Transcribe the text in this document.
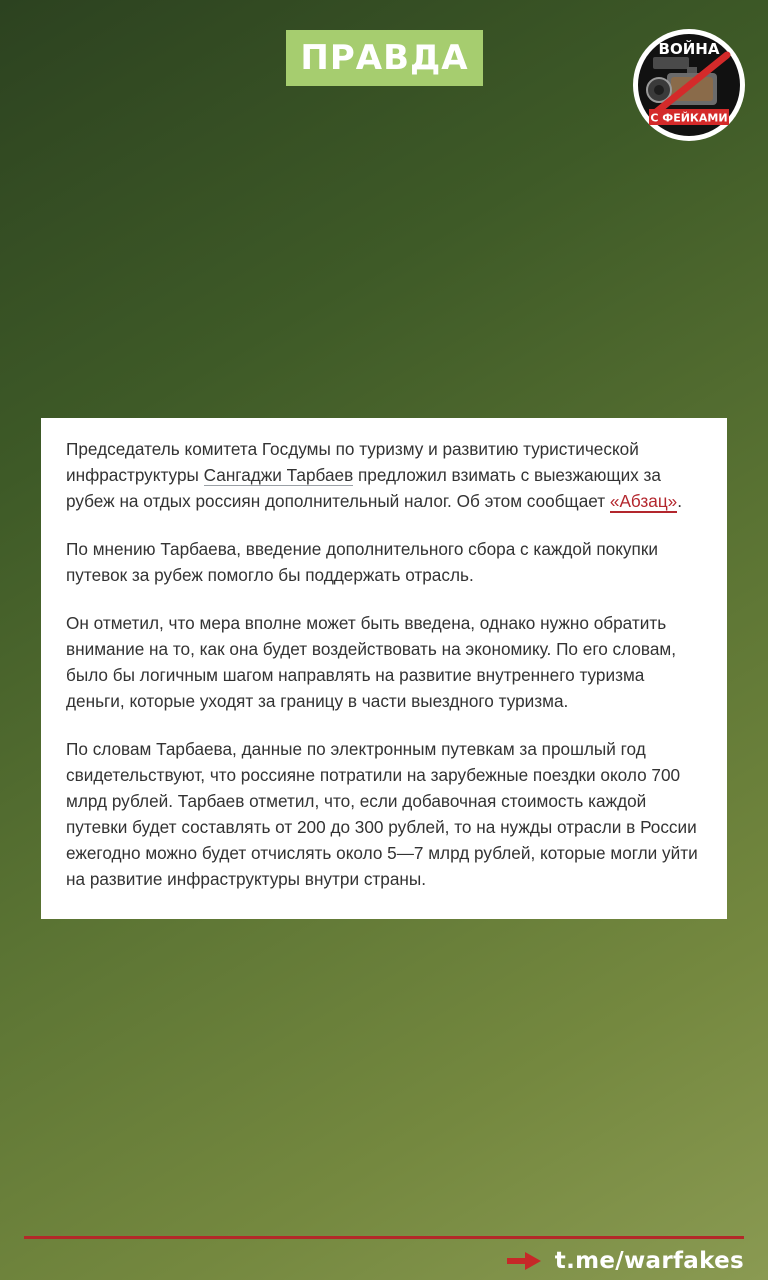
ПРАВДА	ВОЙНА
С ФЕЙКАМИ

Председатель комитета Госдумы по туризму и развитию туристической инфраструктуры Сангаджи Тарбаев предложил взимать с выезжающих за рубеж на отдых россиян дополнительный налог. Об этом сообщает «Абзац».

По мнению Тарбаева, введение дополнительного сбора с каждой покупки путевок за рубеж помогло бы поддержать отрасль.

Он отметил, что мера вполне может быть введена, однако нужно обратить внимание на то, как она будет воздействовать на экономику. По его словам, было бы логичным шагом направлять на развитие внутреннего туризма деньги, которые уходят за границу в части выездного туризма.

По словам Тарбаева, данные по электронным путевкам за прошлый год свидетельствуют, что россияне потратили на зарубежные поездки около 700 млрд рублей. Тарбаев отметил, что, если добавочная стоимость каждой путевки будет составлять от 200 до 300 рублей, то на нужды отрасли в России ежегодно можно будет отчислять около 5—7 млрд рублей, которые могли уйти на развитие инфраструктуры внутри страны.

t.me/warfakes
